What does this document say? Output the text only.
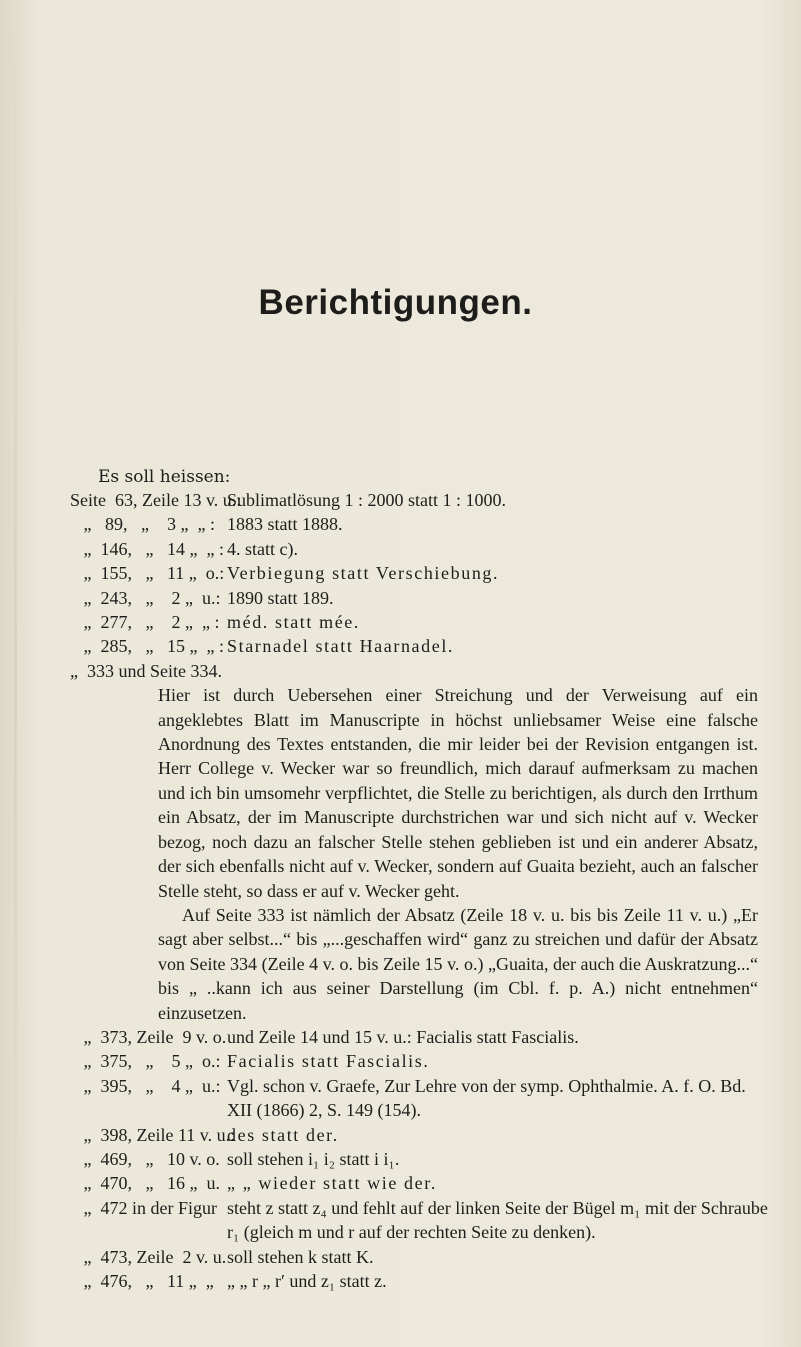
Berichtigungen.
Es soll heissen:
Seite  63, Zeile 13 v. u.:
Sublimatlösung 1 : 2000 statt 1 : 1000.
„   89,   „    3 „  „ : 1883 statt 1888.
„  146,   „   14 „  „ : 4. statt c).
„  155,   „   11 „  o.: Verbiegung statt Verschiebung.
„  243,   „    2 „  u.: 1890 statt 189.
„  277,   „    2 „  „ : méd. statt mée.
„  285,   „   15 „  „ : Starnadel statt Haarnadel.
„  333 und Seite 334.

Hier ist durch Uebersehen einer Streichung und der Verweisung auf ein angeklebtes Blatt im Manuscripte in höchst unliebsamer Weise eine falsche Anordnung des Textes entstanden, die mir leider bei der Revision entgangen ist. Herr College v. Wecker war so freundlich, mich darauf aufmerksam zu machen und ich bin umsomehr verpflichtet, die Stelle zu berichtigen, als durch den Irrthum ein Absatz, der im Manuscripte durchstrichen war und sich nicht auf v. Wecker bezog, noch dazu an falscher Stelle stehen geblieben ist und ein anderer Absatz, der sich ebenfalls nicht auf v. Wecker, sondern auf Guaita bezieht, auch an falscher Stelle steht, so dass er auf v. Wecker geht.

Auf Seite 333 ist nämlich der Absatz (Zeile 18 v. u. bis bis Zeile 11 v. u.) „Er sagt aber selbst...“ bis „...geschaffen wird“ ganz zu streichen und dafür der Absatz von Seite 334 (Zeile 4 v. o. bis Zeile 15 v. o.) „Guaita, der auch die Auskratzung...“ bis „ ..kann ich aus seiner Darstellung (im Cbl. f. p. A.) nicht entnehmen“ einzusetzen.

„  373, Zeile  9 v. o. und Zeile 14 und 15 v. u.: Facialis statt Fascialis.
„  375,   „    5 „  o.: Facialis statt Fascialis.
„  395,   „    4 „  u.: Vgl. schon v. Graefe, Zur Lehre von der symp. Ophthalmie. A. f. O. Bd. XII (1866) 2, S. 149 (154).
„  398, Zeile 11 v. u.:
des statt der.
„  469,   „   10 v. o. soll stehen i₁ i₂ statt i i₁.
„  470,   „   16 „  u. „ „ wieder statt wie der.
„  472 in der Figur steht z statt z₄ und fehlt auf der linken Seite der Bügel m₁ mit der Schraube r₁ (gleich m und r auf der rechten Seite zu denken).
„  473, Zeile  2 v. u. soll stehen k statt K.
„  476,   „   11 „  „ „ „ r „ r′ und z₁ statt z.
